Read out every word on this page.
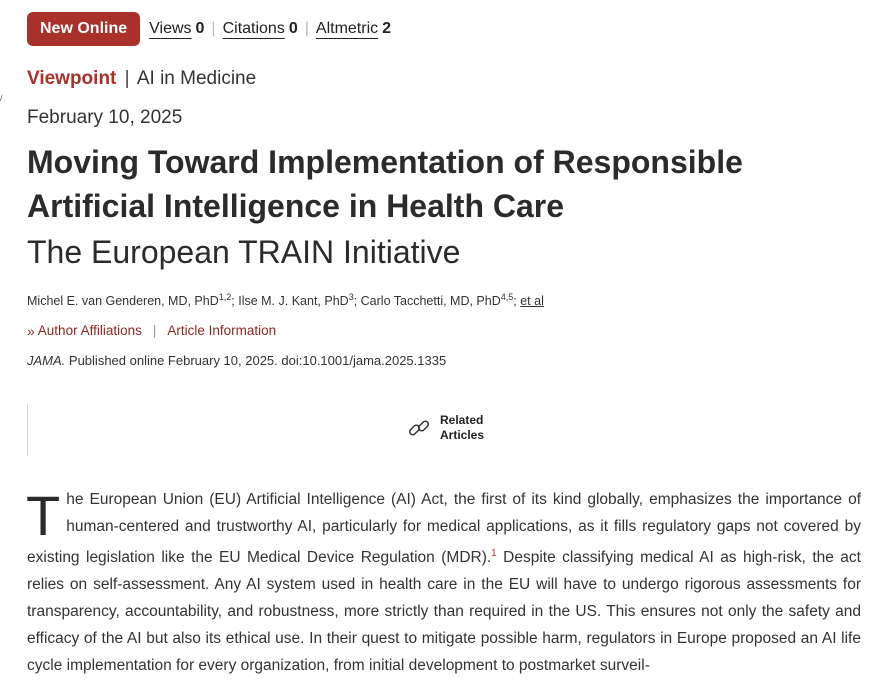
New Online	Views 0 | Citations 0 | Altmetric 2
/
Viewpoint | AI in Medicine
February 10, 2025
Moving Toward Implementation of Responsible Artificial Intelligence in Health Care
The European TRAIN Initiative
Michel E. van Genderen, MD, PhD$^{1,2}$; Ilse M. J. Kant, PhD$^3$; Carlo Tacchetti, MD, PhD$^{4,5}$; et al
» Author Affiliations | Article Information
JAMA. Published online February 10, 2025. doi:10.1001/jama.2025.1335
Related
Articles

The European Union (EU) Artificial Intelligence (AI) Act, the first of its kind globally, emphasizes the importance of human-centered and trustworthy AI, particularly for medical applications, as it fills regulatory gaps not covered by existing legislation like the EU Medical Device Regulation (MDR).$^1$ Despite classifying medical AI as high-risk, the act relies on self-assessment. Any AI system used in health care in the EU will have to undergo rigorous assessments for transparency, accountability, and robustness, more strictly than required in the US. This ensures not only the safety and efficacy of the AI but also its ethical use. In their quest to mitigate possible harm, regulators in Europe proposed an AI life cycle implementation for every organization, from initial development to postmarket surveil-
